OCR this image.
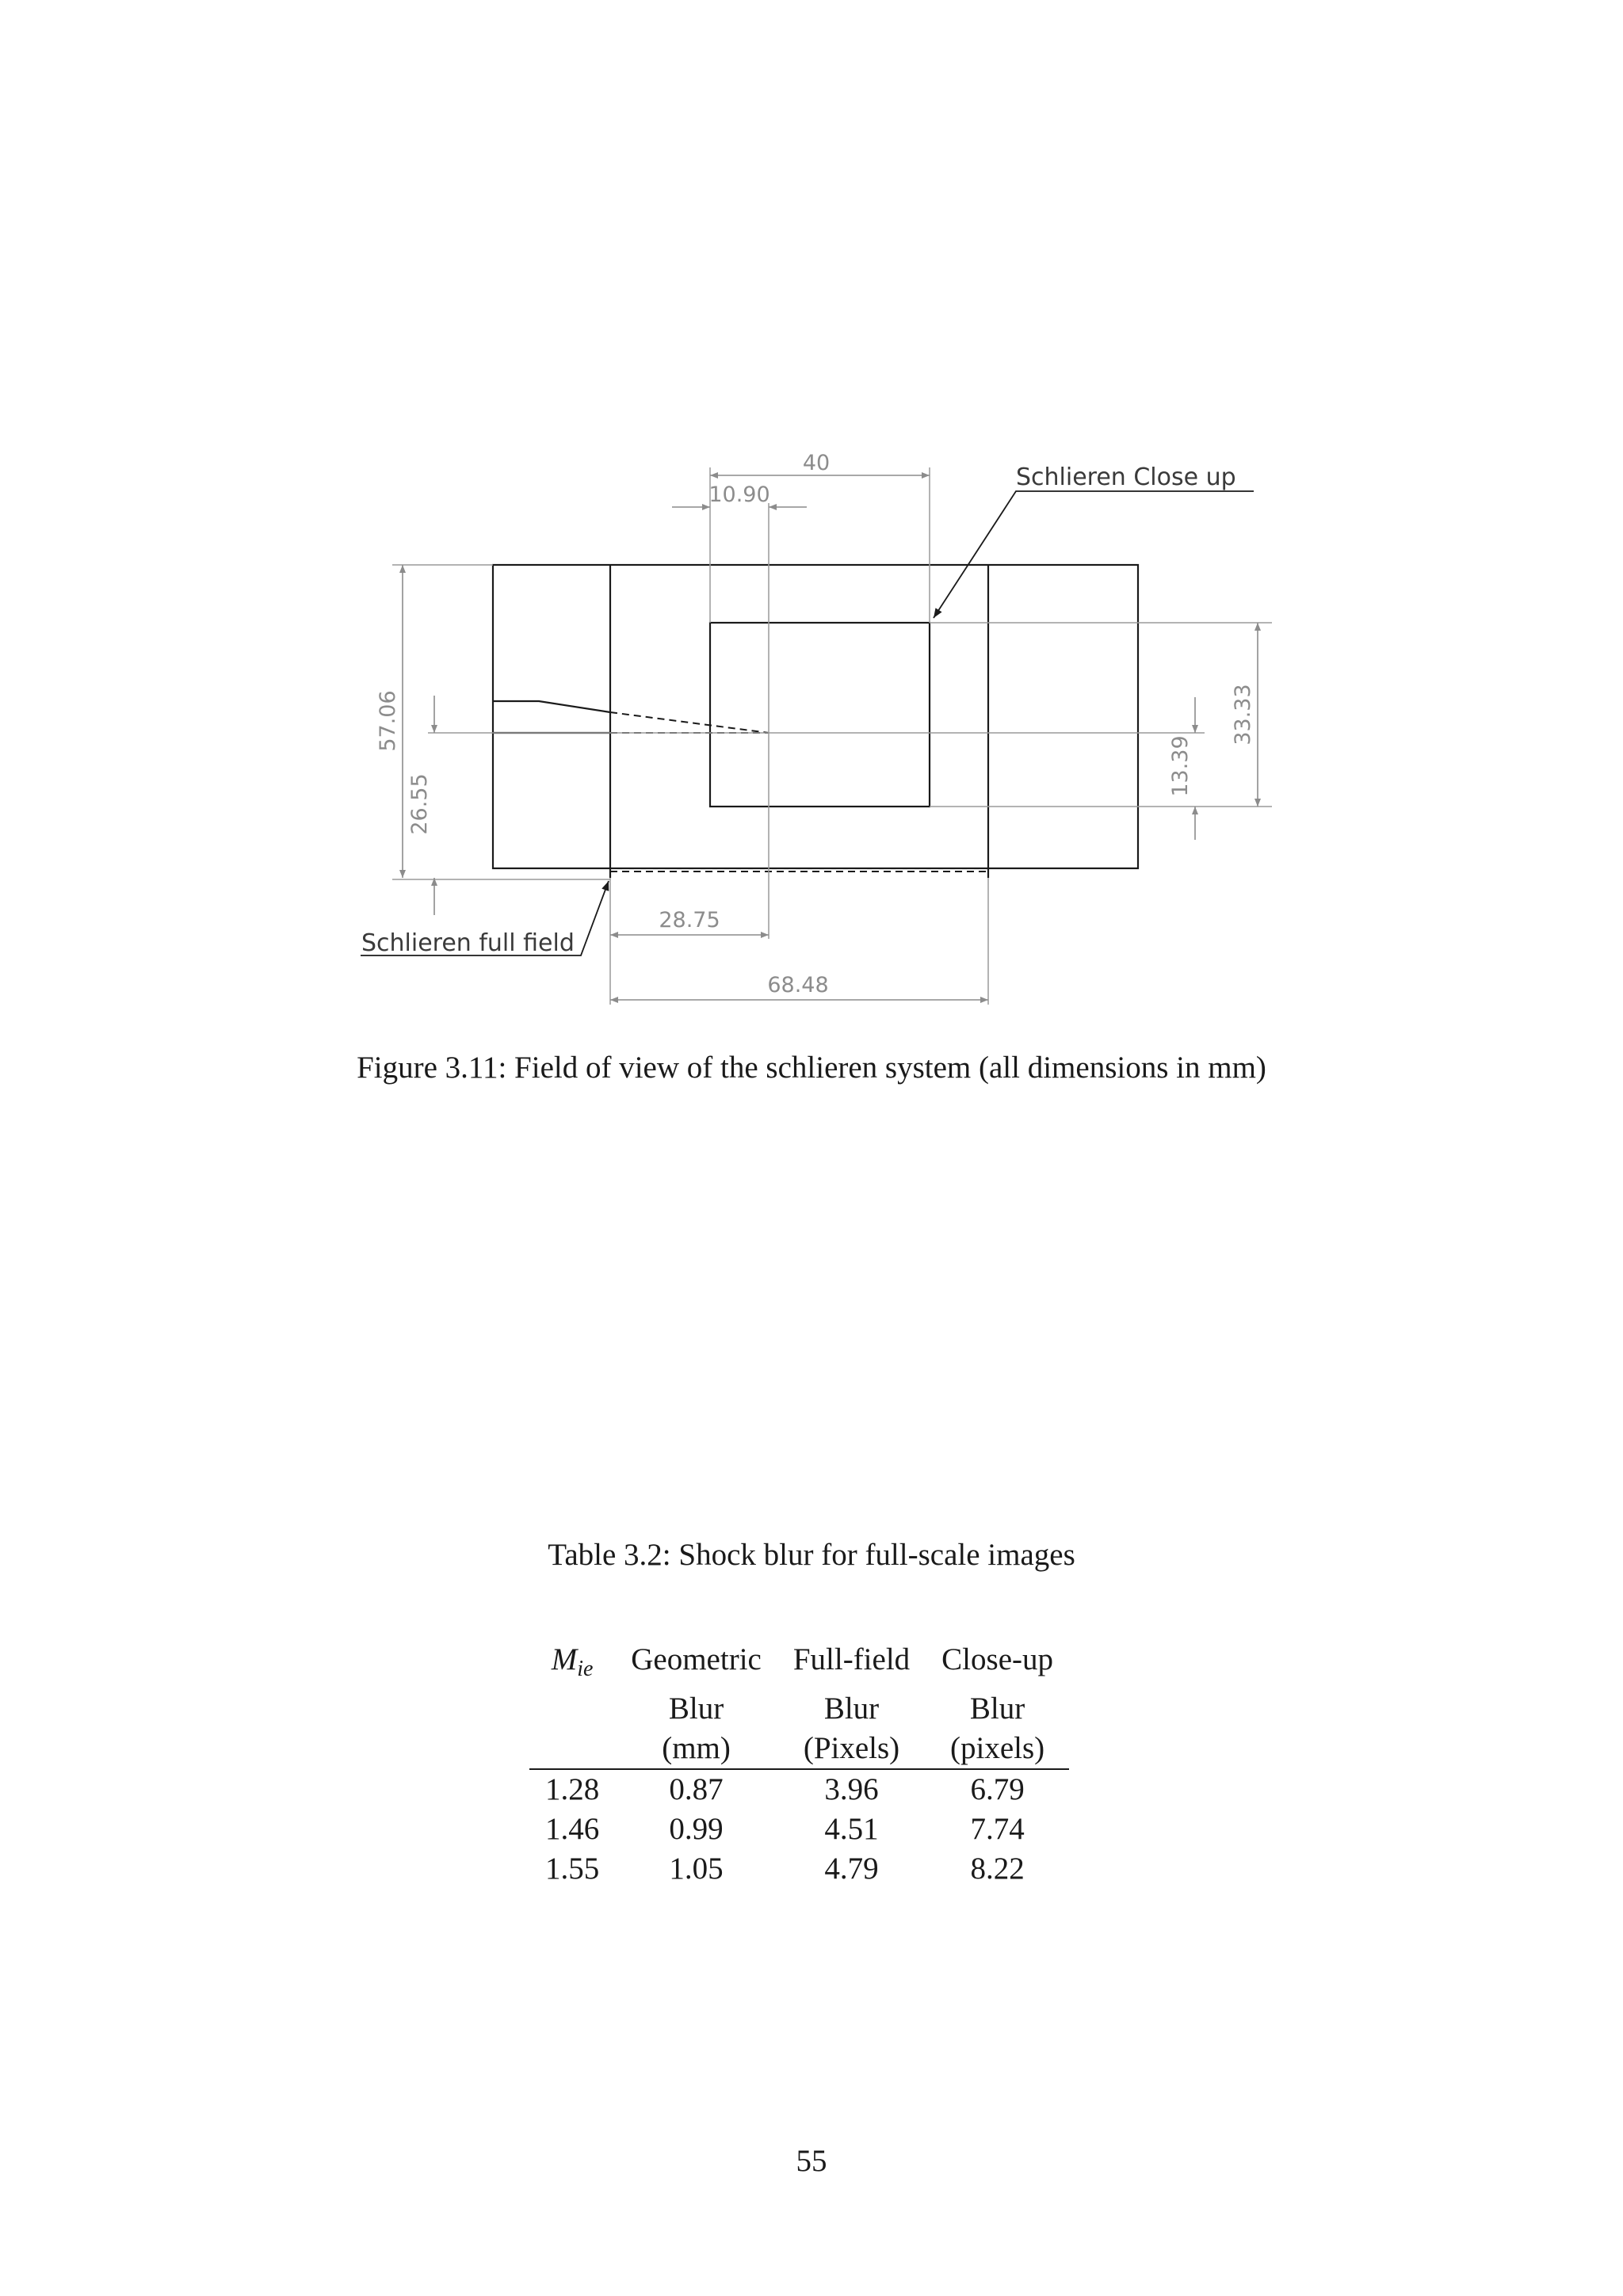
40
10.90
57.06
26.55
13.39
33.33
28.75
68.48
Schlieren Close up
Schlieren full field
Figure 3.11: Field of view of the schlieren system (all dimensions in mm)
Table 3.2: Shock blur for full-scale images
$M_{ie}$	Geometric	Full-field	Close-up

	Blur	Blur	Blur
	(mm)	(Pixels)	(pixels)
1.28	0.87	3.96	6.79
1.46	0.99	4.51	7.74
1.55	1.05	4.79	8.22
55
